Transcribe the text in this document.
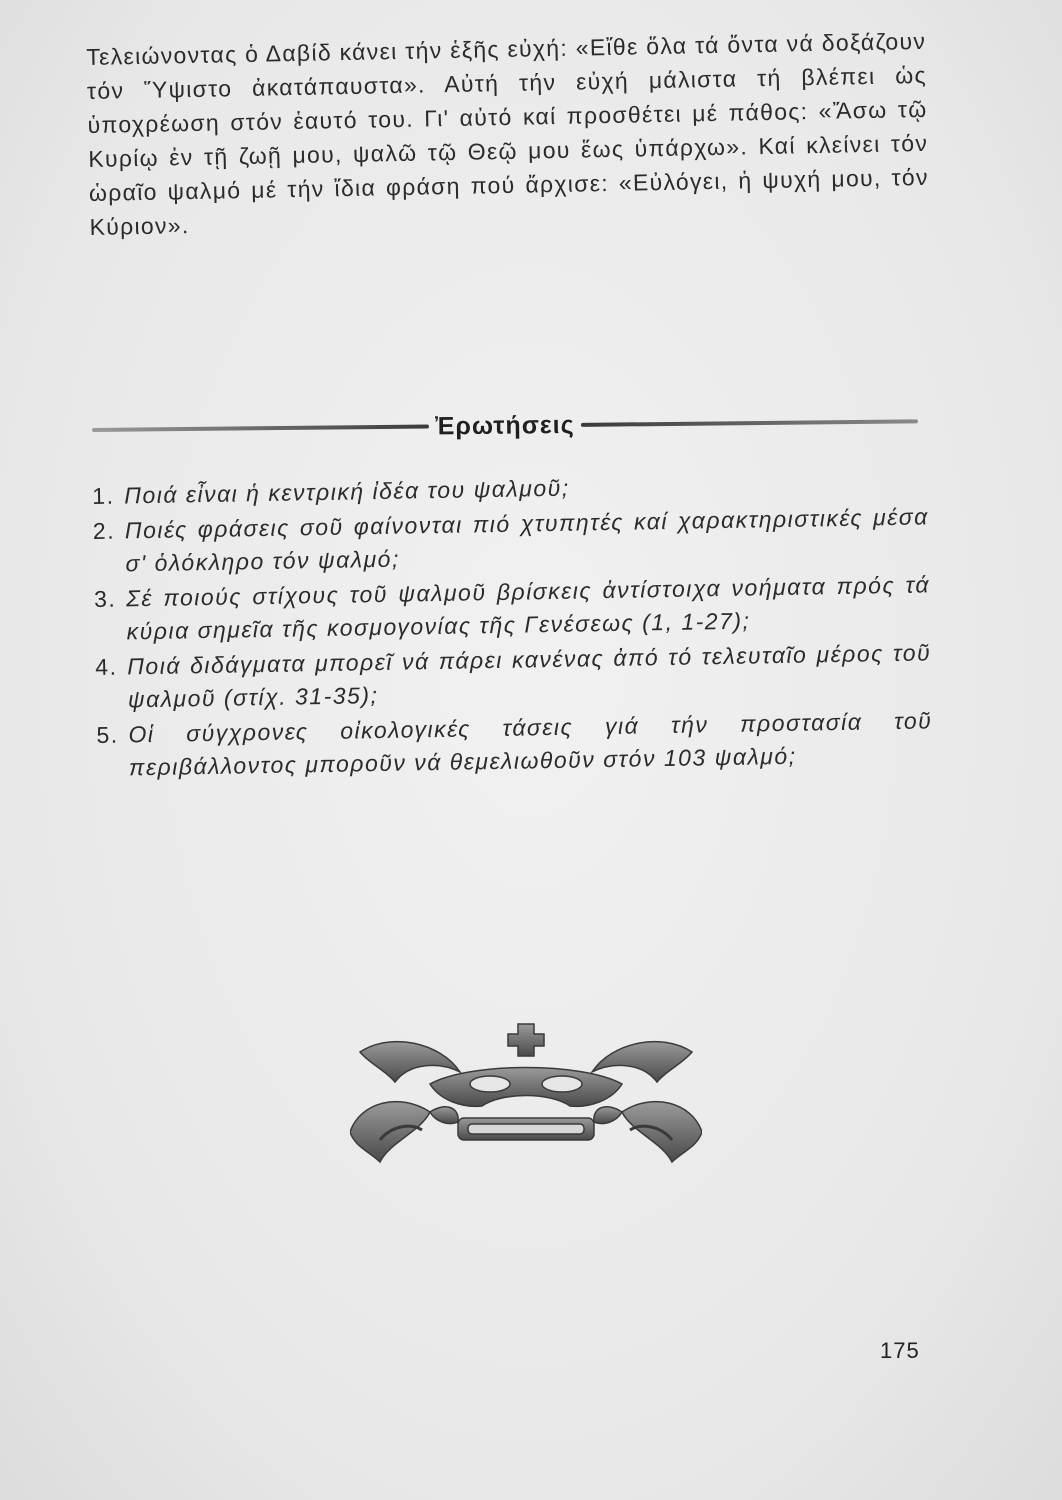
Τελειώνοντας ὁ Δαβίδ κάνει τήν ἑξῆς εὐχή: «Εἴθε ὅλα τά ὄντα νά δοξάζουν τόν Ὕψιστο ἀκατάπαυστα». Αὐτή τήν εὐχή μάλιστα τή βλέπει ὡς ὑποχρέωση στόν ἑαυτό του. Γι' αὐτό καί προσθέτει μέ πάθος: «Ἄσω τῷ Κυρίῳ ἐν τῇ ζωῇ μου, ψαλῶ τῷ Θεῷ μου ἕως ὑπάρχω». Καί κλείνει τόν ὡραῖο ψαλμό μέ τήν ἴδια φράση πού ἄρχισε: «Εὐλόγει, ἡ ψυχή μου, τόν Κύριον».

Ἐρωτήσεις
1. Ποιά εἶναι ἡ κεντρική ἰδέα του ψαλμοῦ;
2. Ποιές φράσεις σοῦ φαίνονται πιό χτυπητές καί χαρακτηριστικές μέσα σ' ὁλόκληρο τόν ψαλμό;
3. Σέ ποιούς στίχους τοῦ ψαλμοῦ βρίσκεις ἀντίστοιχα νοήματα πρός τά κύρια σημεῖα τῆς κοσμογονίας τῆς Γενέσεως (1, 1-27);
4. Ποιά διδάγματα μπορεῖ νά πάρει κανένας ἀπό τό τελευταῖο μέρος τοῦ ψαλμοῦ (στίχ. 31-35);
5. Οἱ σύγχρονες οἰκολογικές τάσεις γιά τήν προστασία τοῦ περιβάλλοντος μποροῦν νά θεμελιωθοῦν στόν 103 ψαλμό;
175
